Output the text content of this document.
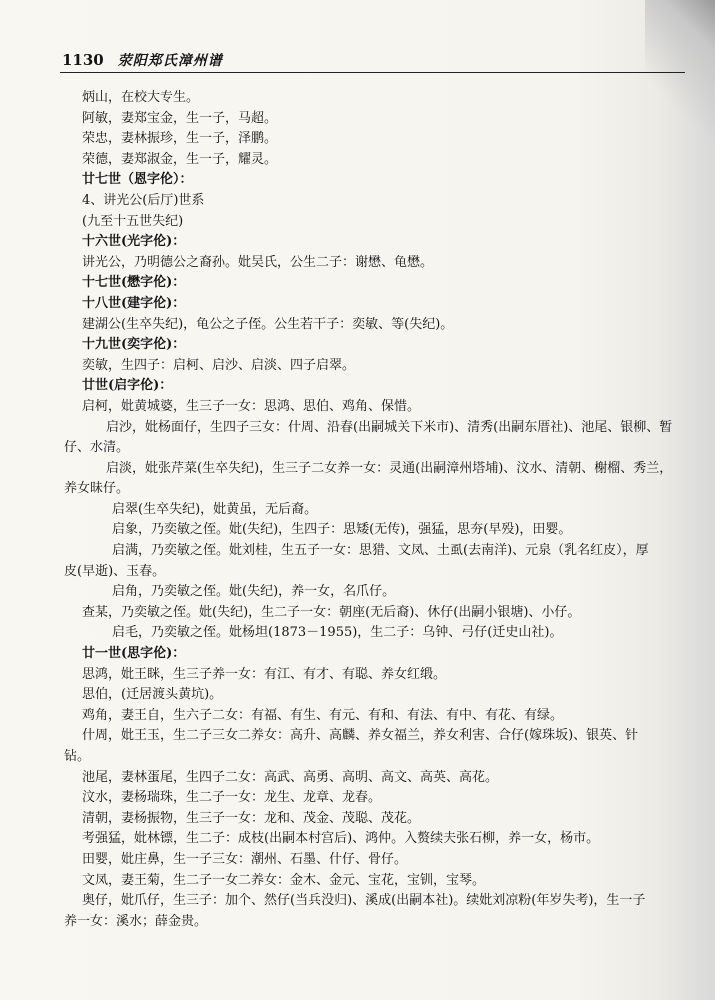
1130 荥阳郑氏漳州谱
炳山，在校大专生。
阿敏，妻郑宝金，生一子，马超。
荣忠，妻林振珍，生一子，泽鹏。
荣德，妻郑淑金，生一子，耀灵。
廿七世（恩字伦）：
4、讲光公(后厅)世系
(九至十五世失纪)
十六世(光字伦)：
讲光公，乃明德公之裔孙。妣吴氏，公生二子：谢懋、龟懋。
十七世(懋字伦)：
十八世(建字伦)：
建湖公(生卒失纪)，龟公之子侄。公生若干子：奕敏、等(失纪)。
十九世(奕字伦)：
奕敏，生四子：启柯、启沙、启淡、四子启翠。
廿世(启字伦)：
启柯，妣黄城婆，生三子一女：思鸿、思伯、鸡角、保惜。
启沙，妣杨面仔，生四子三女：什周、沿春(出嗣城关下米市)、清秀(出嗣东厝社)、池尾、银柳、暂
仔、水清。
启淡，妣张芹菜(生卒失纪)，生三子二女养一女：灵通(出嗣漳州塔埔)、汶水、清朝、榭榴、秀兰，
养女昧仔。
启翠(生卒失纪)，妣黄虽，无后裔。
启象，乃奕敏之侄。妣(失纪)，生四子：思矮(无传)，强猛，思夯(早殁)，田婴。
启满，乃奕敏之侄。妣刘桂，生五子一女：思猎、文凤、土虱(去南洋)、元泉（乳名红皮），厚
皮(早逝)、玉春。
启角，乃奕敏之侄。妣(失纪)，养一女，名爪仔。
查某，乃奕敏之侄。妣(失纪)，生二子一女：朝座(无后裔)、休仔(出嗣小银塘)、小仔。
启毛，乃奕敏之侄。妣杨坦(1873－1955)，生二子：乌钟、弓仔(迁史山社)。
廿一世(思字伦)：
思鸿，妣王眯，生三子养一女：有江、有才、有聪、养女红缎。
思伯，(迁居渡头黄坑)。
鸡角，妻王自，生六子二女：有福、有生、有元、有和、有法、有中、有花、有绿。
什周，妣王玉，生二子三女二养女：高升、高麟、养女福兰，养女利害、合仔(嫁珠坂)、银英、针
钻。
池尾，妻林蛋尾，生四子二女：高武、高勇、高明、高文、高英、高花。
汶水，妻杨瑞珠，生二子一女：龙生、龙章、龙春。
清朝，妻杨振物，生三子一女：龙和、茂金、茂聪、茂花。
考强猛，妣林镖，生二子：成枝(出嗣本村宫后)、鸿仲。入赘续夫张石柳，养一女，杨市。
田婴，妣庄鼻，生一子三女：潮州、石墨、什仔、骨仔。
文凤，妻王菊，生二子一女二养女：金木、金元、宝花，宝钏，宝琴。
奥仔，妣爪仔，生三子：加个、然仔(当兵没归)、溪成(出嗣本社)。续妣刘凉粉(年岁失考)，生一子
养一女：溪水；薛金贵。
